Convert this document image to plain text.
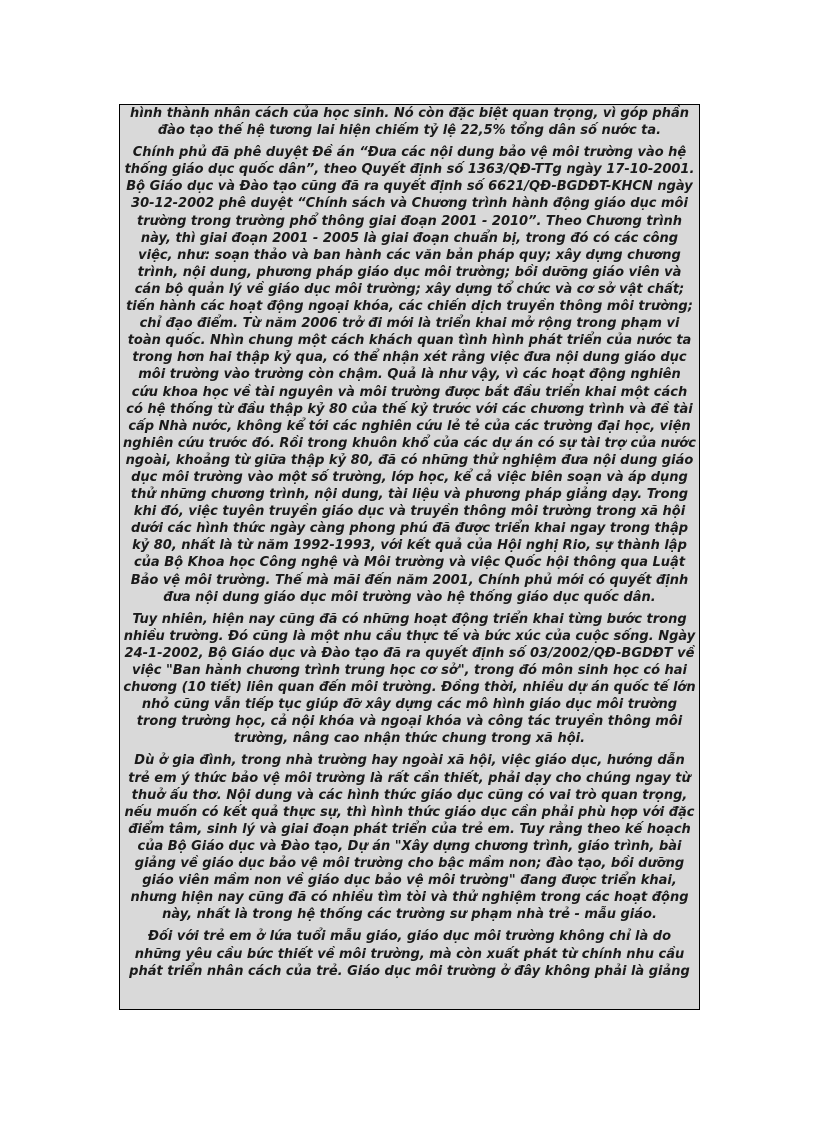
hình thành nhân cách của học sinh. Nó còn đặc biệt quan trọng, vì góp phần đào tạo thế hệ tương lai hiện chiếm tỷ lệ 22,5% tổng dân số nước ta.

Chính phủ đã phê duyệt Đề án “Đưa các nội dung bảo vệ môi trường vào hệ thống giáo dục quốc dân”, theo Quyết định số 1363/QĐ-TTg ngày 17-10-2001. Bộ Giáo dục và Đào tạo cũng đã ra quyết định số 6621/QĐ-BGDĐT-KHCN ngày 30-12-2002 phê duyệt “Chính sách và Chương trình hành động giáo dục môi trường trong trường phổ thông giai đoạn 2001 - 2010”. Theo Chương trình này, thì giai đoạn 2001 - 2005 là giai đoạn chuẩn bị, trong đó có các công việc, như: soạn thảo và ban hành các văn bản pháp quy; xây dựng chương trình, nội dung, phương pháp giáo dục môi trường; bồi dưỡng giáo viên và cán bộ quản lý về giáo dục môi trường; xây dựng tổ chức và cơ sở vật chất; tiến hành các hoạt động ngoại khóa, các chiến dịch truyền thông môi trường; chỉ đạo điểm. Từ năm 2006 trở đi mới là triển khai mở rộng trong phạm vi toàn quốc. Nhìn chung một cách khách quan tình hình phát triển của nước ta trong hơn hai thập kỷ qua, có thể nhận xét rằng việc đưa nội dung giáo dục môi trường vào trường còn chậm. Quả là như vậy, vì các hoạt động nghiên cứu khoa học về tài nguyên và môi trường được bắt đầu triển khai một cách có hệ thống từ đầu thập kỷ 80 của thế kỷ trước với các chương trình và đề tài cấp Nhà nước, không kể tới các nghiên cứu lẻ tẻ của các trường đại học, viện nghiên cứu trước đó. Rồi trong khuôn khổ của các dự án có sự tài trợ của nước ngoài, khoảng từ giữa thập kỷ 80, đã có những thử nghiệm đưa nội dung giáo dục môi trường vào một số trường, lớp học, kể cả việc biên soạn và áp dụng thử những chương trình, nội dung, tài liệu và phương pháp giảng dạy. Trong khi đó, việc tuyên truyền giáo dục và truyền thông môi trường trong xã hội dưới các hình thức ngày càng phong phú đã được triển khai ngay trong thập kỷ 80, nhất là từ năm 1992-1993, với kết quả của Hội nghị Rio, sự thành lập của Bộ Khoa học Công nghệ và Môi trường và việc Quốc hội thông qua Luật Bảo vệ môi trường. Thế mà mãi đến năm 2001, Chính phủ mới có quyết định đưa nội dung giáo dục môi trường vào hệ thống giáo dục quốc dân.

Tuy nhiên, hiện nay cũng đã có những hoạt động triển khai từng bước trong nhiều trường. Đó cũng là một nhu cầu thực tế và bức xúc của cuộc sống. Ngày 24-1-2002, Bộ Giáo dục và Đào tạo đã ra quyết định số 03/2002/QĐ-BGDĐT về việc "Ban hành chương trình trung học cơ sở", trong đó môn sinh học có hai chương (10 tiết) liên quan đến môi trường. Đồng thời, nhiều dự án quốc tế lớn nhỏ cũng vẫn tiếp tục giúp đỡ xây dựng các mô hình giáo dục môi trường trong trường học, cả nội khóa và ngoại khóa và công tác truyền thông môi trường, nâng cao nhận thức chung trong xã hội.

Dù ở gia đình, trong nhà trường hay ngoài xã hội, việc giáo dục, hướng dẫn trẻ em ý thức bảo vệ môi trường là rất cần thiết, phải dạy cho chúng ngay từ thuở ấu thơ. Nội dung và các hình thức giáo dục cũng có vai trò quan trọng, nếu muốn có kết quả thực sự, thì hình thức giáo dục cần phải phù hợp với đặc điểm tâm, sinh lý và giai đoạn phát triển của trẻ em. Tuy rằng theo kế hoạch của Bộ Giáo dục và Đào tạo, Dự án "Xây dựng chương trình, giáo trình, bài giảng về giáo dục bảo vệ môi trường cho bậc mầm non; đào tạo, bồi dưỡng giáo viên mầm non về giáo dục bảo vệ môi trường" đang được triển khai, nhưng hiện nay cũng đã có nhiều tìm tòi và thử nghiệm trong các hoạt động này, nhất là trong hệ thống các trường sư phạm nhà trẻ - mẫu giáo.

Đối với trẻ em ở lứa tuổi mẫu giáo, giáo dục môi trường không chỉ là do những yêu cầu bức thiết về môi trường, mà còn xuất phát từ chính nhu cầu phát triển nhân cách của trẻ. Giáo dục môi trường ở đây không phải là giảng
